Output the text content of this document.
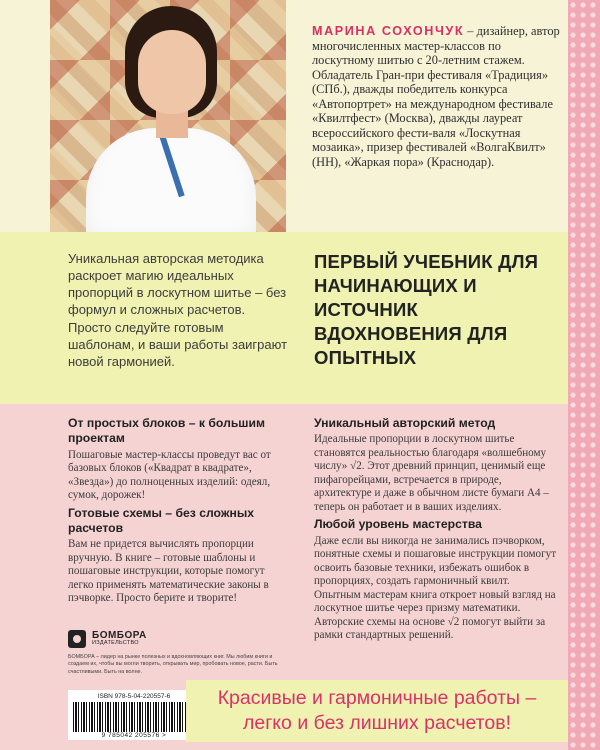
МАРИНА СОХОНЧУК – дизайнер, автор многочисленных мастер-классов по лоскутному шитью с 20-летним стажем. Обладатель Гран-при фестиваля «Традиция» (СПб.), дважды победитель конкурса «Автопортрет» на международном фестивале «Квилтфест» (Москва), дважды лауреат всероссийского фести-валя «Лоскутная мозаика», призер фестивалей «ВолгаКвилт» (НН), «Жаркая пора» (Краснодар).
Уникальная авторская методика раскроет магию идеальных пропорций в лоскутном шитье – без формул и сложных расчетов. Просто следуйте готовым шаблонам, и ваши работы заиграют новой гармонией.
ПЕРВЫЙ УЧЕБНИК ДЛЯ НАЧИНАЮЩИХ И ИСТОЧНИК ВДОХНОВЕНИЯ ДЛЯ ОПЫТНЫХ
От простых блоков – к большим проектам

Пошаговые мастер-классы проведут вас от базовых блоков («Квадрат в квадрате», «Звезда») до полноценных изделий: одеял, сумок, дорожек!

Готовые схемы – без сложных расчетов

Вам не придется вычислять пропорции вручную. В книге – готовые шаблоны и пошаговые инструкции, которые помогут легко применять математические законы в пэчворке. Просто берите и творите!

Уникальный авторский метод

Идеальные пропорции в лоскутном шитье становятся реальностью благодаря «волшебному числу» √2. Этот древний принцип, ценимый еще пифагорейцами, встречается в природе, архитектуре и даже в обычном листе бумаги А4 – теперь он работает и в ваших изделиях.

Любой уровень мастерства

Даже если вы никогда не занимались пэчворком, понятные схемы и пошаговые инструкции помогут освоить базовые техники, избежать ошибок в пропорциях, создать гармоничный квилт. Опытным мастерам книга откроет новый взгляд на лоскутное шитье через призму математики. Авторские схемы на основе √2 помогут выйти за рамки стандартных решений.

БОМБОРА
ИЗДАТЕЛЬСТВО
БОМБОРА – лидер на рынке полезных и вдохновляющих книг. Мы любим книги и создаем их, чтобы вы могли творить, открывать мир, пробовать новое, расти. Быть счастливыми. Быть на волне.
ISBN 978-5-04-220557-6
9 785042 205576 >
Красивые и гармоничные работы –
легко и без лишних расчетов!
